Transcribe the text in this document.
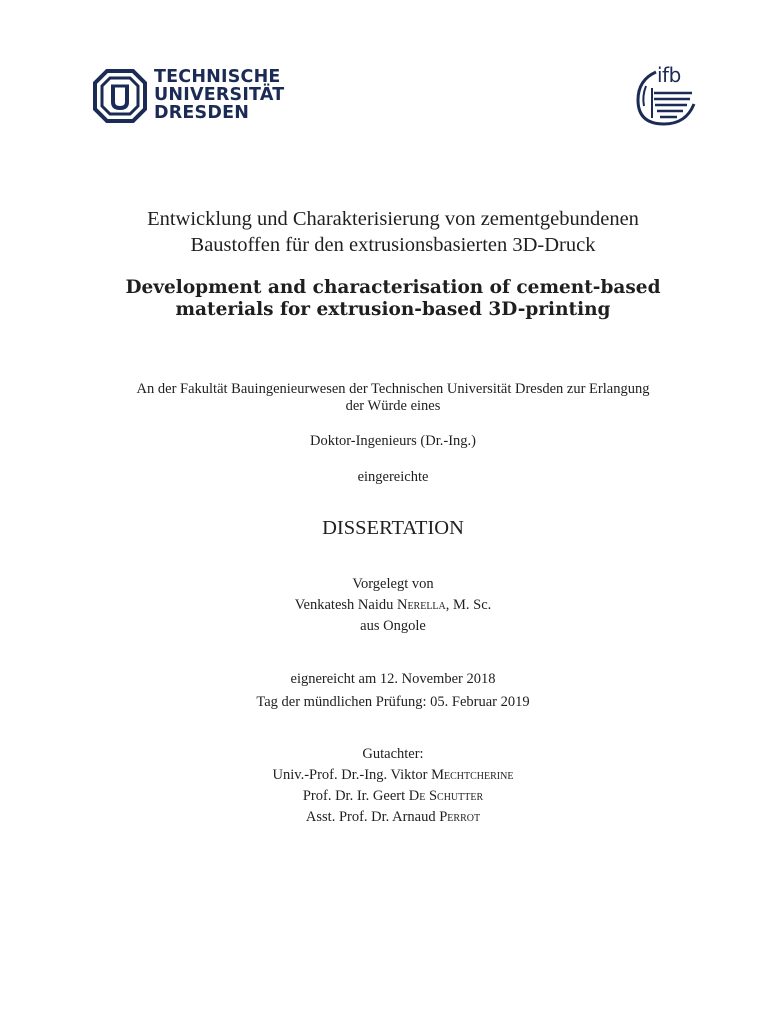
TECHNISCHE
UNIVERSITÄT
DRESDEN
ifb
Entwicklung und Charakterisierung von zementgebundenen
Baustoffen für den extrusionsbasierten 3D-Druck
Development and characterisation of cement-based
materials for extrusion-based 3D-printing
An der Fakultät Bauingenieurwesen der Technischen Universität Dresden zur Erlangung
der Würde eines
Doktor-Ingenieurs (Dr.-Ing.)
eingereichte
DISSERTATION
Vorgelegt von
Venkatesh Naidu Nerella, M. Sc.
aus Ongole
eignereicht am 12. November 2018
Tag der mündlichen Prüfung: 05. Februar 2019
Gutachter:
Univ.-Prof. Dr.-Ing. Viktor Mechtcherine
Prof. Dr. Ir. Geert De Schutter
Asst. Prof. Dr. Arnaud Perrot
